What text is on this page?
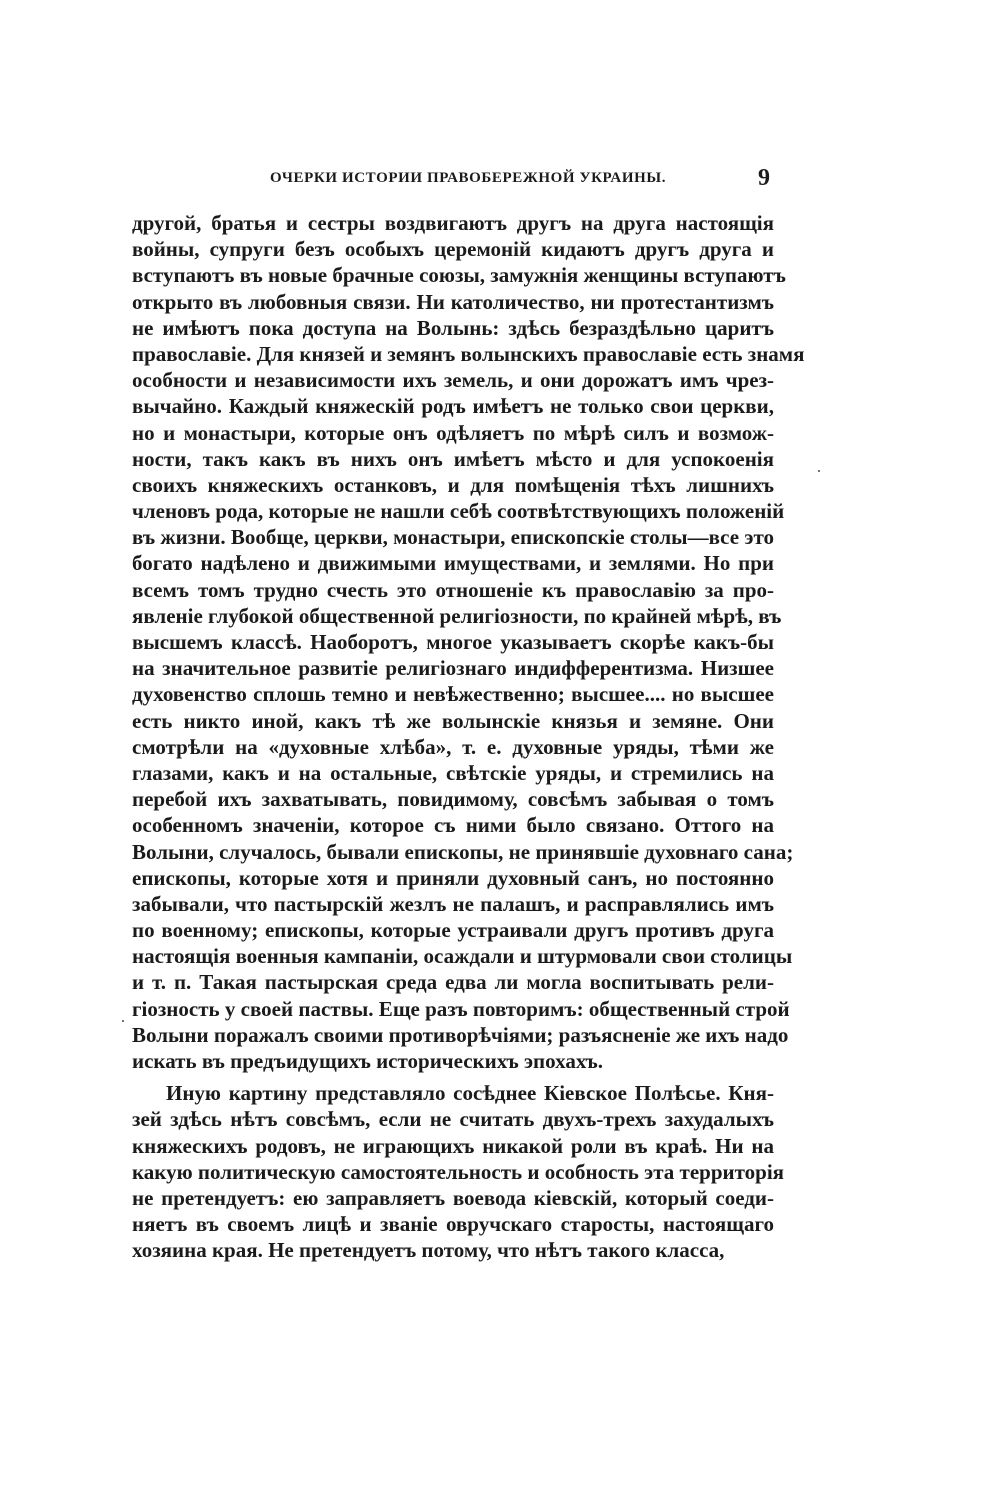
ОЧЕРКИ ИСТОРИИ ПРАВОБЕРЕЖНОЙ УКРАИНЫ.	9
другой, братья и сестры воздвигаютъ другъ на друга настоящія
войны, супруги безъ особыхъ церемоній кидаютъ другъ друга и
вступаютъ въ новые брачные союзы, замужнія женщины вступаютъ
открыто въ любовныя связи. Ни католичество, ни протестантизмъ
не имѣютъ пока доступа на Волынь: здѣсь безраздѣльно царитъ
православіе. Для князей и земянъ волынскихъ православіе есть знамя
особности и независимости ихъ земель, и они дорожатъ имъ чрез-
вычайно. Каждый княжескій родъ имѣетъ не только свои церкви,
но и монастыри, которые онъ одѣляетъ по мѣрѣ силъ и возмож-
ности, такъ какъ въ нихъ онъ имѣетъ мѣсто и для успокоенія
своихъ княжескихъ останковъ, и для помѣщенія тѣхъ лишнихъ
членовъ рода, которые не нашли себѣ соотвѣтствующихъ положеній
въ жизни. Вообще, церкви, монастыри, епископскіе столы—все это
богато надѣлено и движимыми имуществами, и землями. Но при
всемъ томъ трудно счесть это отношеніе къ православію за про-
явленіе глубокой общественной религіозности, по крайней мѣрѣ, въ
высшемъ классѣ. Наоборотъ, многое указываетъ скорѣе какъ-бы
на значительное развитіе религіознаго индифферентизма. Низшее
духовенство сплошь темно и невѣжественно; высшее.... но высшее
есть никто иной, какъ тѣ же волынскіе князья и земяне. Они
смотрѣли на «духовные хлѣба», т. е. духовные уряды, тѣми же
глазами, какъ и на остальные, свѣтскіе уряды, и стремились на
перебой ихъ захватывать, повидимому, совсѣмъ забывая о томъ
особенномъ значеніи, которое съ ними было связано. Оттого на
Волыни, случалось, бывали епископы, не принявшіе духовнаго сана;
епископы, которые хотя и приняли духовный санъ, но постоянно
забывали, что пастырскій жезлъ не палашъ, и расправлялись имъ
по военному; епископы, которые устраивали другъ противъ друга
настоящія военныя кампаніи, осаждали и штурмовали свои столицы
и т. п. Такая пастырская среда едва ли могла воспитывать рели-
гіозность у своей паствы. Еще разъ повторимъ: общественный строй
Волыни поражалъ своими противорѣчіями; разъясненіе же ихъ надо
искать въ предъидущихъ историческихъ эпохахъ.
Иную картину представляло сосѣднее Кіевское Полѣсье. Кня-
зей здѣсь нѣтъ совсѣмъ, если не считать двухъ-трехъ захудалыхъ
княжескихъ родовъ, не играющихъ никакой роли въ краѣ. Ни на
какую политическую самостоятельность и особность эта территорія
не претендуетъ: ею заправляетъ воевода кіевскій, который соеди-
няетъ въ своемъ лицѣ и званіе овручскаго старосты, настоящаго
хозяина края. Не претендуетъ потому, что нѣтъ такого класса,
